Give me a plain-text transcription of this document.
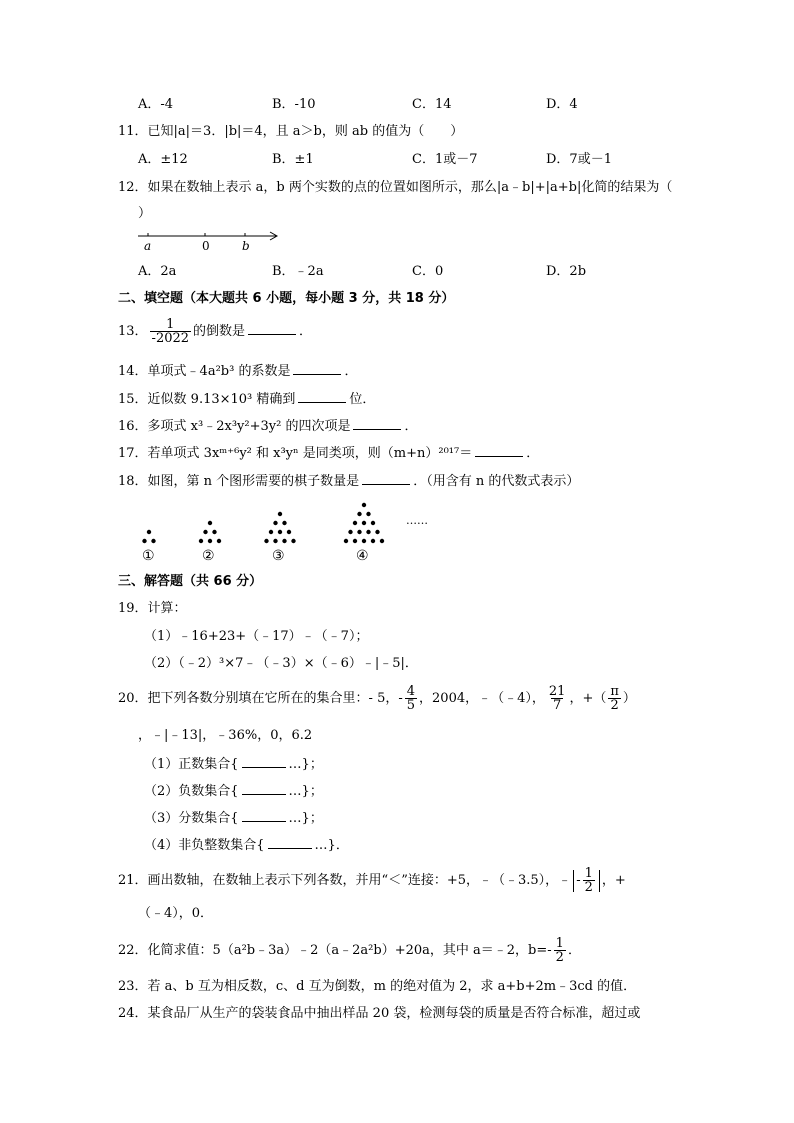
A．-4	B．-10	C．14	D．4
11．已知|a|＝3．|b|＝4，且 a＞b，则 ab 的值为（　　）
A．±12	B．±1	C．1或－7	D．7或－1
12．如果在数轴上表示 a，b 两个实数的点的位置如图所示，那么|a﹣b|+|a+b|化简的结果为（
）
a	0	b
A．2a	B．﹣2a	C．0	D．2b
二、填空题（本大题共 6 小题，每小题 3 分，共 18 分）
13． $\frac{1}{-2022}$ 的倒数是	．
14．单项式﹣4a²b³ 的系数是	．
15．近似数 9.13×10³ 精确到	位．
16．多项式 x³﹣2x³y²+3y² 的四次项是	．
17．若单项式 3xᵐ⁺⁶y² 和 x³yⁿ 是同类项，则（m+n）²⁰¹⁷＝	．
18．如图，第 n 个图形需要的棋子数量是	．（用含有 n 的代数式表示）
①	②	③	④
……
三、解答题（共 66 分）
19．计算：
（1）﹣16+23+（﹣17）﹣（﹣7）；
（2）（﹣2）³×7﹣（﹣3）×（﹣6）﹣|﹣5|．
20．把下列各数分别填在它所在的集合里：- 5，- $\frac{4}{5}$ ，2004，﹣（﹣4）， $\frac{21}{7}$ ，+（ $\frac{\pi}{2}$ ）
，﹣|﹣13|，﹣36%，0，6.2
（1）正数集合{	…}；
（2）负数集合{	…}；
（3）分数集合{	…}；
（4）非负整数集合{	…}．
21．画出数轴，在数轴上表示下列各数，并用“＜”连接：+5，﹣（﹣3.5），﹣ - $\frac{1}{2}$ ，+
（﹣4），0．
22．化简求值：5（a²b﹣3a）﹣2（a﹣2a²b）+20a，其中 a＝﹣2，$b=- \frac{1}{2}$ ．
23．若 a、b 互为相反数，c、d 互为倒数，m 的绝对值为 2，求 a+b+2m﹣3cd 的值．
24．某食品厂从生产的袋装食品中抽出样品 20 袋，检测每袋的质量是否符合标准，超过或
